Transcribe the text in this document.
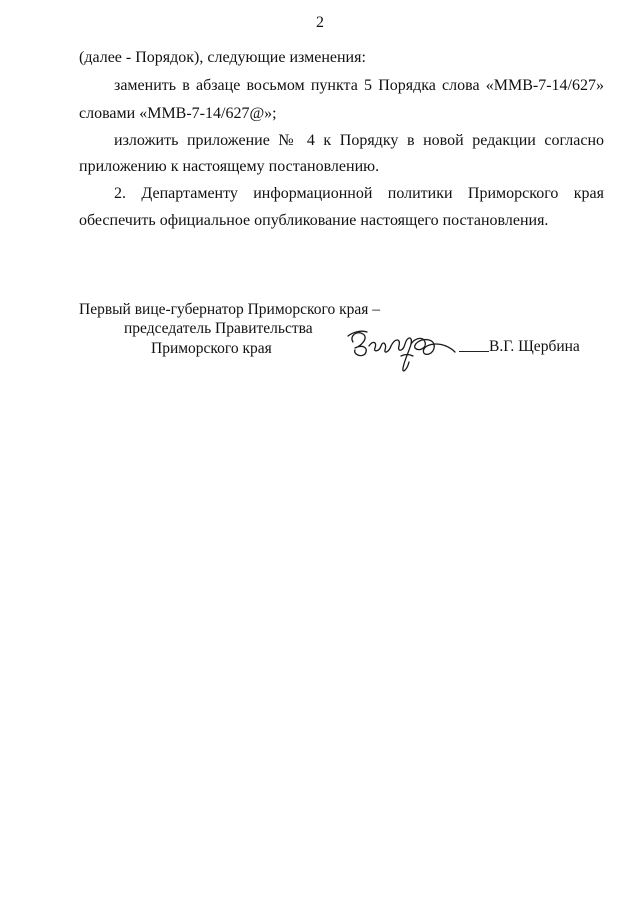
2
(далее - Порядок), следующие изменения:
заменить в абзаце восьмом пункта 5 Порядка слова «ММВ-7-14/627»
словами «ММВ-7-14/627@»;
изложить приложение № 4 к Порядку в новой редакции согласно
приложению к настоящему постановлению.
2. Департаменту информационной политики Приморского края
обеспечить официальное опубликование настоящего постановления.
Первый вице-губернатор Приморского края –
председатель Правительства
Приморского края	В.Г. Щербина
